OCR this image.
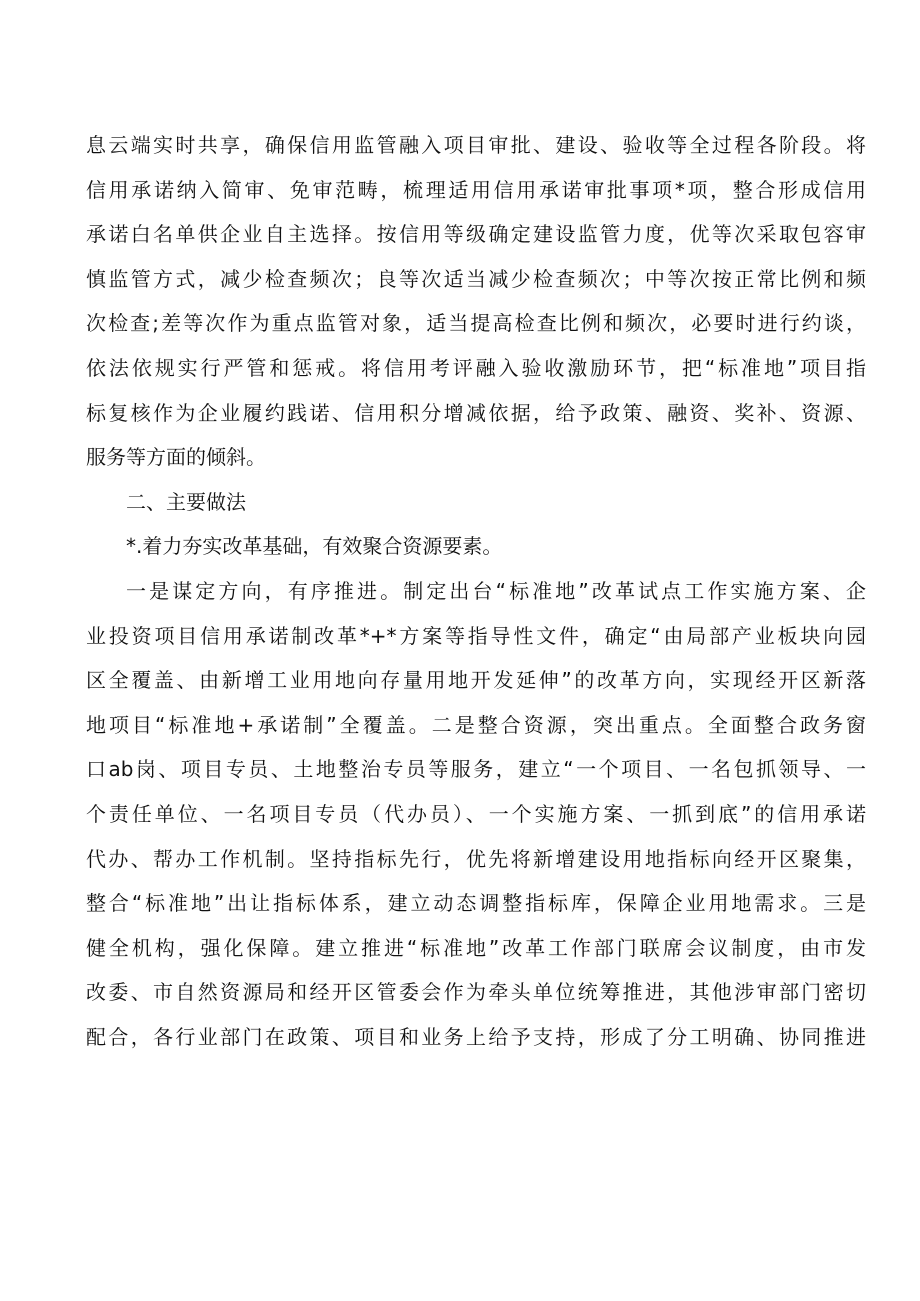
息云端实时共享，确保信用监管融入项目审批、建设、验收等全过程各阶段。将
信用承诺纳入简审、免审范畴，梳理适用信用承诺审批事项*项，整合形成信用
承诺白名单供企业自主选择。按信用等级确定建设监管力度，优等次采取包容审
慎监管方式，减少检查频次；良等次适当减少检查频次；中等次按正常比例和频
次检查;差等次作为重点监管对象，适当提高检查比例和频次，必要时进行约谈，
依法依规实行严管和惩戒。将信用考评融入验收激励环节，把“标准地”项目指
标复核作为企业履约践诺、信用积分增减依据，给予政策、融资、奖补、资源、
服务等方面的倾斜。
二、主要做法
*.着力夯实改革基础，有效聚合资源要素。
一是谋定方向，有序推进。制定出台“标准地”改革试点工作实施方案、企
业投资项目信用承诺制改革*+*方案等指导性文件，确定“由局部产业板块向园
区全覆盖、由新增工业用地向存量用地开发延伸”的改革方向，实现经开区新落
地项目“标准地+承诺制”全覆盖。二是整合资源，突出重点。全面整合政务窗
口ab岗、项目专员、土地整治专员等服务，建立“一个项目、一名包抓领导、一
个责任单位、一名项目专员（代办员）、一个实施方案、一抓到底”的信用承诺
代办、帮办工作机制。坚持指标先行，优先将新增建设用地指标向经开区聚集，
整合“标准地”出让指标体系，建立动态调整指标库，保障企业用地需求。三是
健全机构，强化保障。建立推进“标准地”改革工作部门联席会议制度，由市发
改委、市自然资源局和经开区管委会作为牵头单位统筹推进，其他涉审部门密切
配合，各行业部门在政策、项目和业务上给予支持，形成了分工明确、协同推进
